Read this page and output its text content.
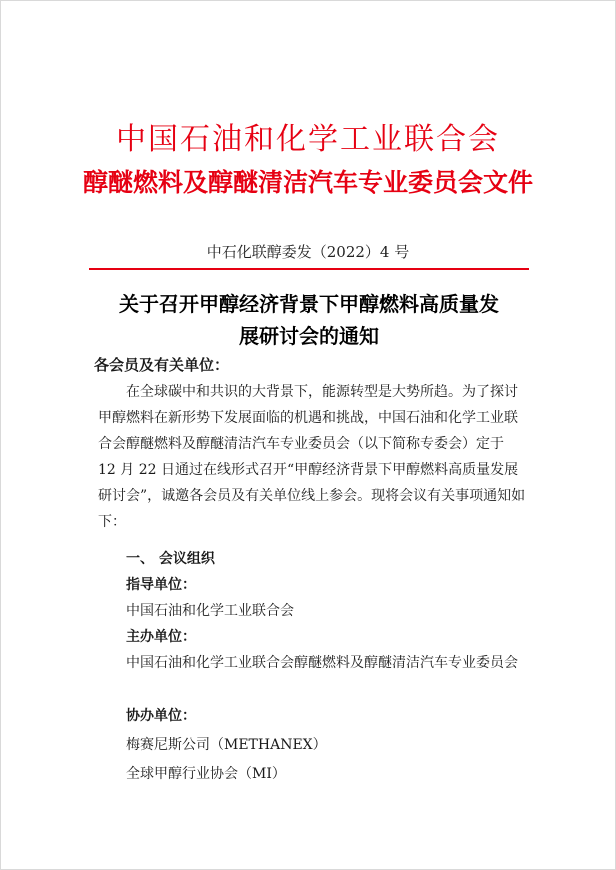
中国石油和化学工业联合会
醇醚燃料及醇醚清洁汽车专业委员会文件
中石化联醇委发（2022）4 号
关于召开甲醇经济背景下甲醇燃料高质量发
展研讨会的通知
各会员及有关单位：
在全球碳中和共识的大背景下，能源转型是大势所趋。为了探讨甲醇燃料在新形势下发展面临的机遇和挑战，中国石油和化学工业联合会醇醚燃料及醇醚清洁汽车专业委员会（以下简称专委会）定于 12 月 22 日通过在线形式召开“甲醇经济背景下甲醇燃料高质量发展研讨会”，诚邀各会员及有关单位线上参会。现将会议有关事项通知如下：
一、 会议组织
指导单位：
中国石油和化学工业联合会
主办单位：
中国石油和化学工业联合会醇醚燃料及醇醚清洁汽车专业委员会
协办单位：
梅赛尼斯公司（METHANEX）
全球甲醇行业协会（MI）
